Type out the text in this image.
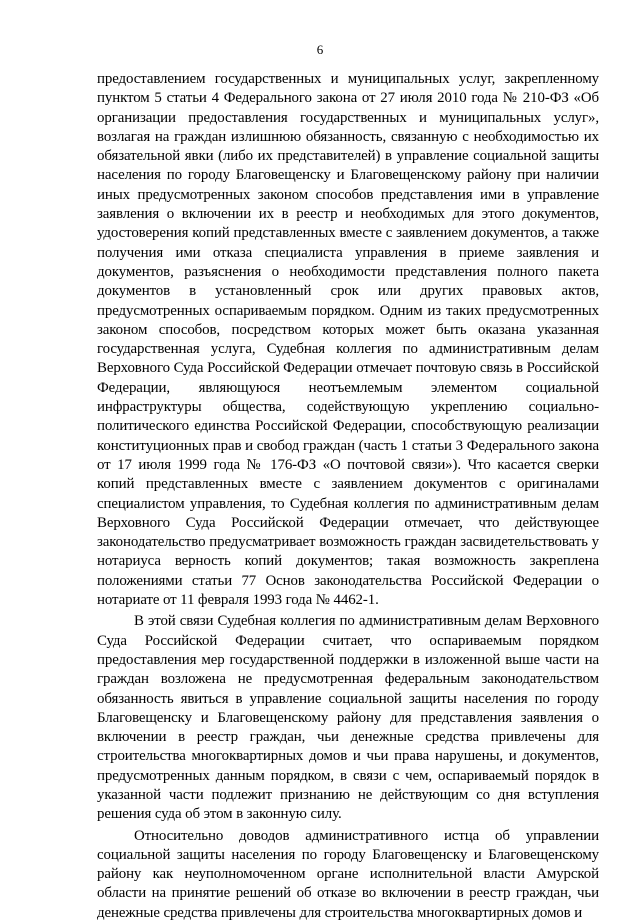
6

предоставлением государственных и муниципальных услуг, закрепленному пунктом 5 статьи 4 Федерального закона от 27 июля 2010 года № 210-ФЗ «Об организации предоставления государственных и муниципальных услуг», возлагая на граждан излишнюю обязанность, связанную с необходимостью их обязательной явки (либо их представителей) в управление социальной защиты населения по городу Благовещенску и Благовещенскому району при наличии иных предусмотренных законом способов представления ими в управление заявления о включении их в реестр и необходимых для этого документов, удостоверения копий представленных вместе с заявлением документов, а также получения ими отказа специалиста управления в приеме заявления и документов, разъяснения о необходимости представления полного пакета документов в установленный срок или других правовых актов, предусмотренных оспариваемым порядком. Одним из таких предусмотренных законом способов, посредством которых может быть оказана указанная государственная услуга, Судебная коллегия по административным делам Верховного Суда Российской Федерации отмечает почтовую связь в Российской Федерации, являющуюся неотъемлемым элементом социальной инфраструктуры общества, содействующую укреплению социально-политического единства Российской Федерации, способствующую реализации конституционных прав и свобод граждан (часть 1 статьи 3 Федерального закона от 17 июля 1999 года № 176-ФЗ «О почтовой связи»). Что касается сверки копий представленных вместе с заявлением документов с оригиналами специалистом управления, то Судебная коллегия по административным делам Верховного Суда Российской Федерации отмечает, что действующее законодательство предусматривает возможность граждан засвидетельствовать у нотариуса верность копий документов; такая возможность закреплена положениями статьи 77 Основ законодательства Российской Федерации о нотариате от 11 февраля 1993 года № 4462-1.

В этой связи Судебная коллегия по административным делам Верховного Суда Российской Федерации считает, что оспариваемым порядком предоставления мер государственной поддержки в изложенной выше части на граждан возложена не предусмотренная федеральным законодательством обязанность явиться в управление социальной защиты населения по городу Благовещенску и Благовещенскому району для представления заявления о включении в реестр граждан, чьи денежные средства привлечены для строительства многоквартирных домов и чьи права нарушены, и документов, предусмотренных данным порядком, в связи с чем, оспариваемый порядок в указанной части подлежит признанию не действующим со дня вступления решения суда об этом в законную силу.

Относительно доводов административного истца об управлении социальной защиты населения по городу Благовещенску и Благовещенскому району как неуполномоченном органе исполнительной власти Амурской области на принятие решений об отказе во включении в реестр граждан, чьи денежные средства привлечены для строительства многоквартирных домов и
